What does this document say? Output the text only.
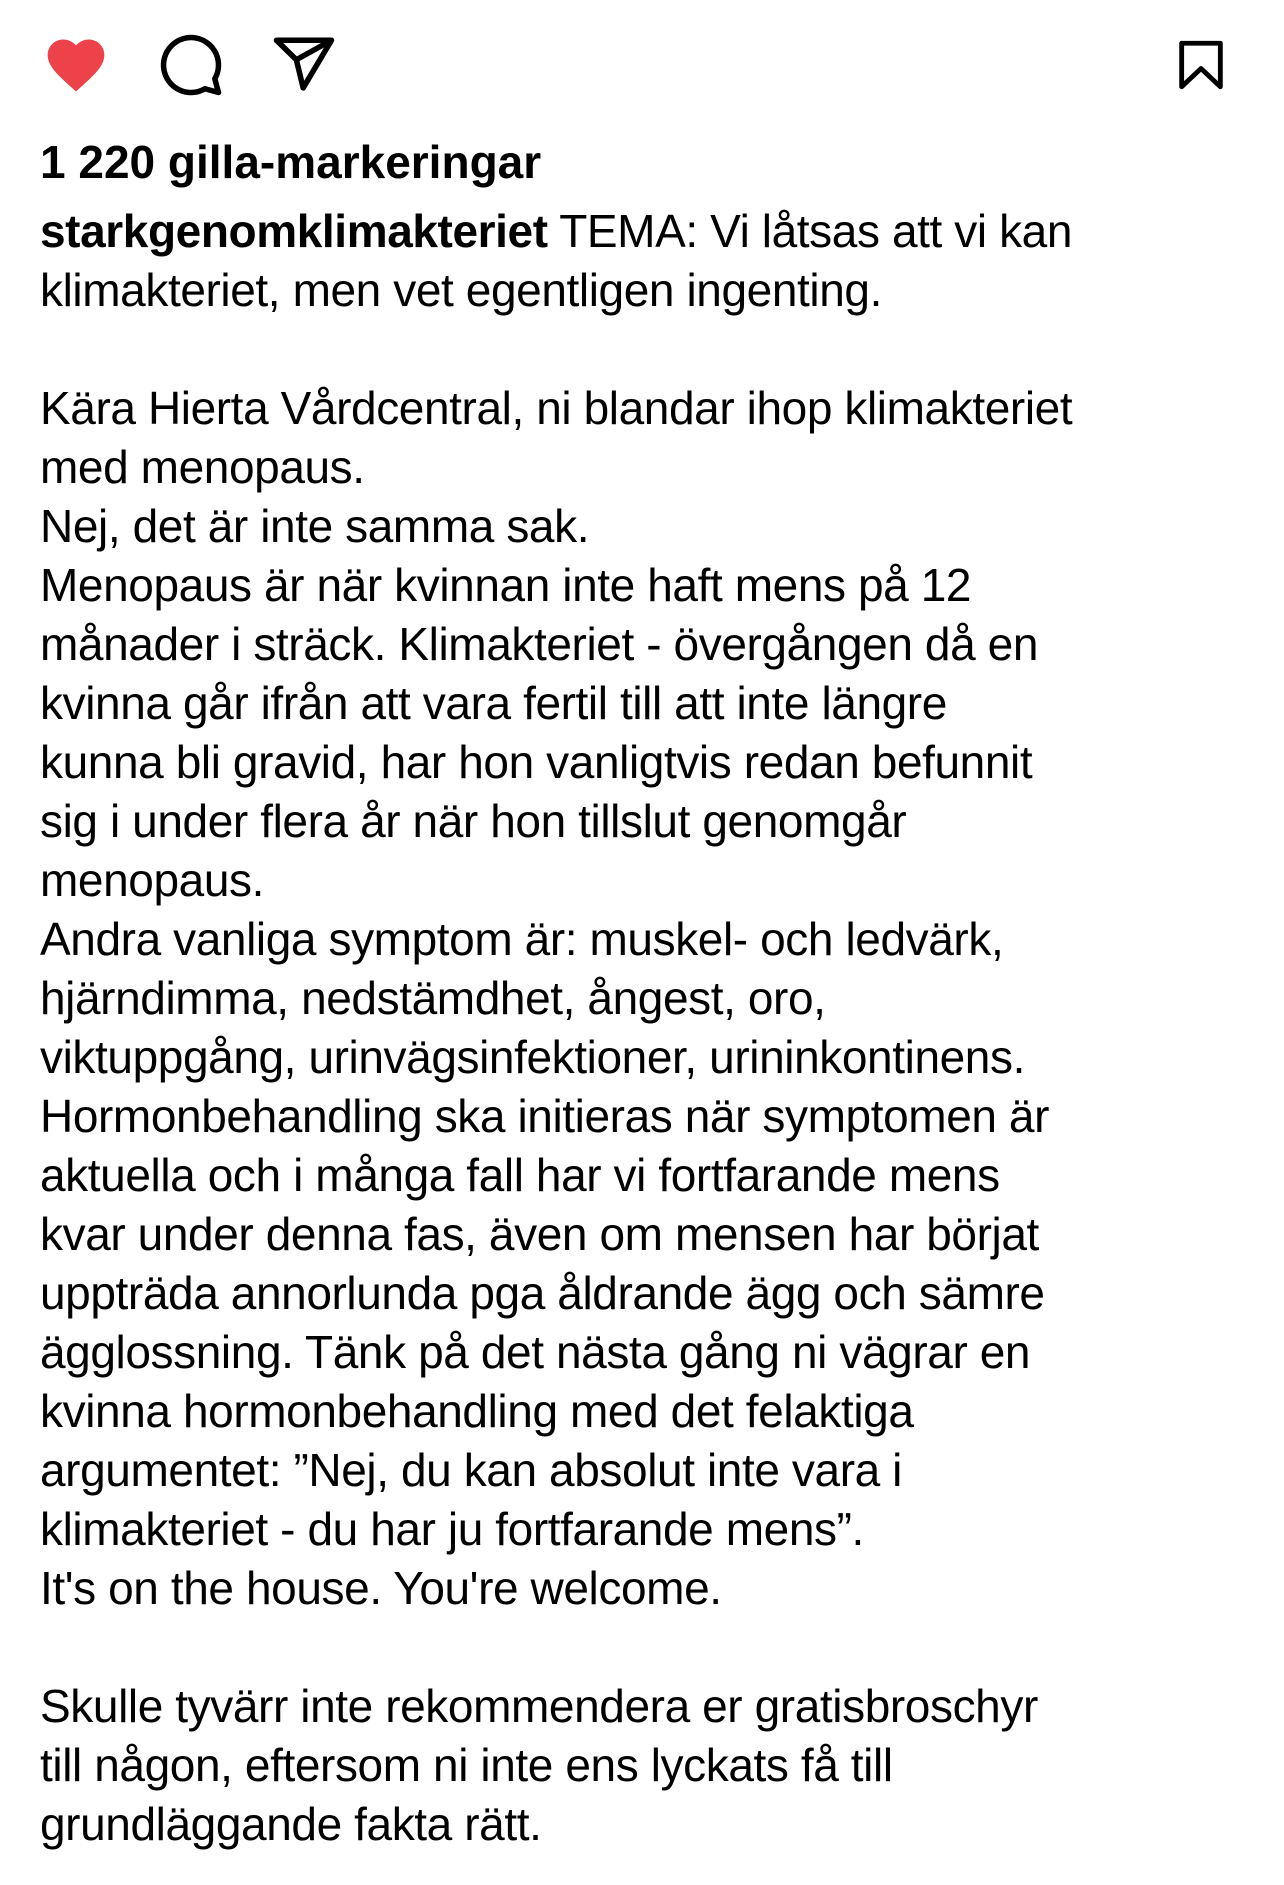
1 220 gilla-markeringar
starkgenomklimakteriet TEMA: Vi låtsas att vi kan
klimakteriet, men vet egentligen ingenting.
Kära Hierta Vårdcentral, ni blandar ihop klimakteriet
med menopaus.
Nej, det är inte samma sak.
Menopaus är när kvinnan inte haft mens på 12
månader i sträck. Klimakteriet - övergången då en
kvinna går ifrån att vara fertil till att inte längre
kunna bli gravid, har hon vanligtvis redan befunnit
sig i under flera år när hon tillslut genomgår
menopaus.
Andra vanliga symptom är: muskel- och ledvärk,
hjärndimma, nedstämdhet, ångest, oro,
viktuppgång, urinvägsinfektioner, urininkontinens.
Hormonbehandling ska initieras när symptomen är
aktuella och i många fall har vi fortfarande mens
kvar under denna fas, även om mensen har börjat
uppträda annorlunda pga åldrande ägg och sämre
ägglossning. Tänk på det nästa gång ni vägrar en
kvinna hormonbehandling med det felaktiga
argumentet: ”Nej, du kan absolut inte vara i
klimakteriet - du har ju fortfarande mens”.
It's on the house. You're welcome.
Skulle tyvärr inte rekommendera er gratisbroschyr
till någon, eftersom ni inte ens lyckats få till
grundläggande fakta rätt.
